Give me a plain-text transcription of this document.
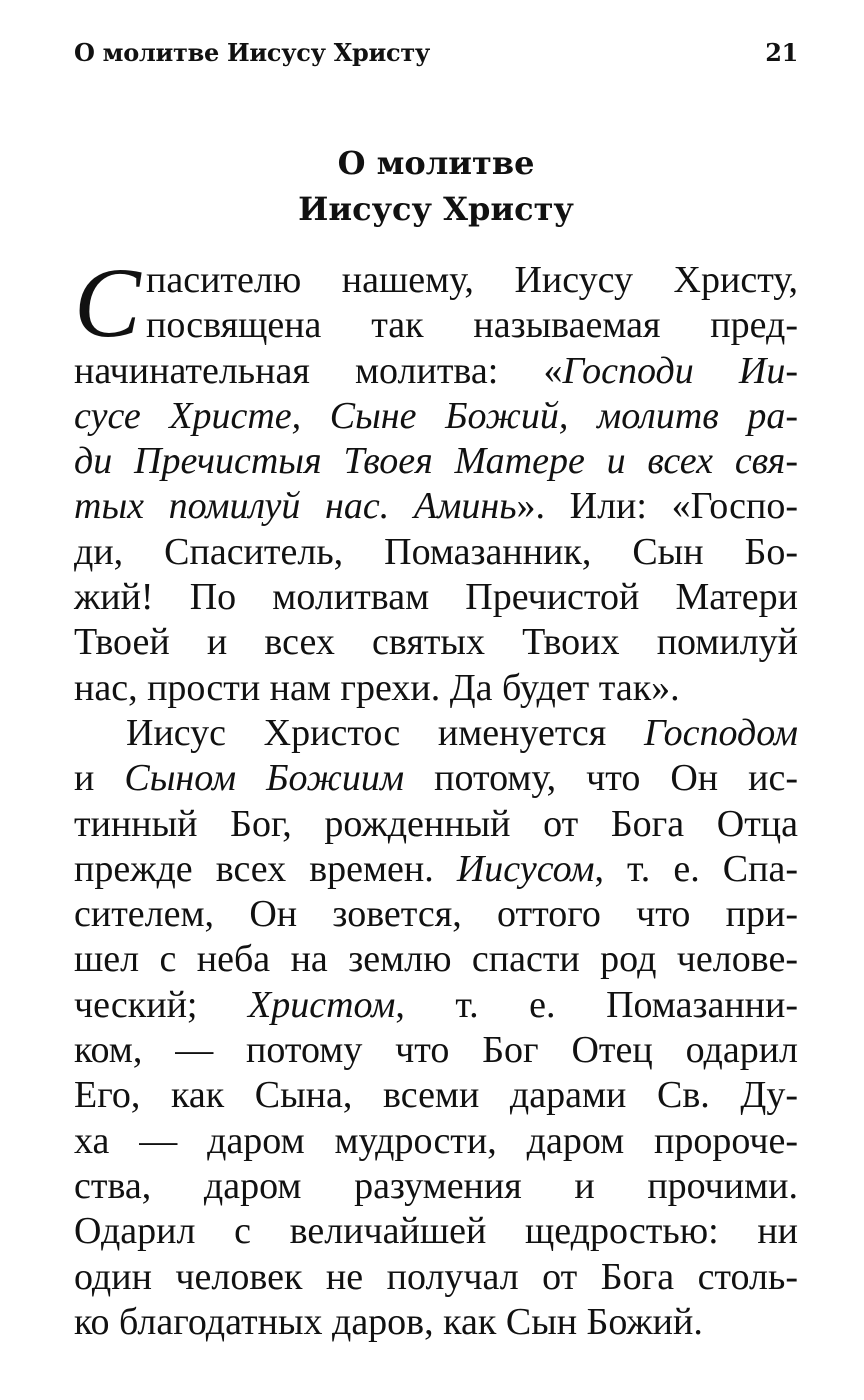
О молитве Иисусу Христу	21
О молитве
Иисусу Христу
С пасителю нашему, Иисусу Христу,
посвящена так называемая пред-
начинательная молитва: «Господи Ии-
сусе Христе, Сыне Божий, молитв ра-
ди Пречистыя Твоея Матере и всех свя-
тых помилуй нас. Аминь». Или: «Госпо-
ди, Спаситель, Помазанник, Сын Бо-
жий! По молитвам Пречистой Матери
Твоей и всех святых Твоих помилуй
нас, прости нам грехи. Да будет так».
Иисус Христос именуется Господом
и Сыном Божиим потому, что Он ис-
тинный Бог, рожденный от Бога Отца
прежде всех времен. Иисусом, т. е. Спа-
сителем, Он зовется, оттого что при-
шел с неба на землю спасти род челове-
ческий; Христом, т. е. Помазанни-
ком, — потому что Бог Отец одарил
Его, как Сына, всеми дарами Св. Ду-
ха — даром мудрости, даром пророче-
ства, даром разумения и прочими.
Одарил с величайшей щедростью: ни
один человек не получал от Бога столь-
ко благодатных даров, как Сын Божий.
